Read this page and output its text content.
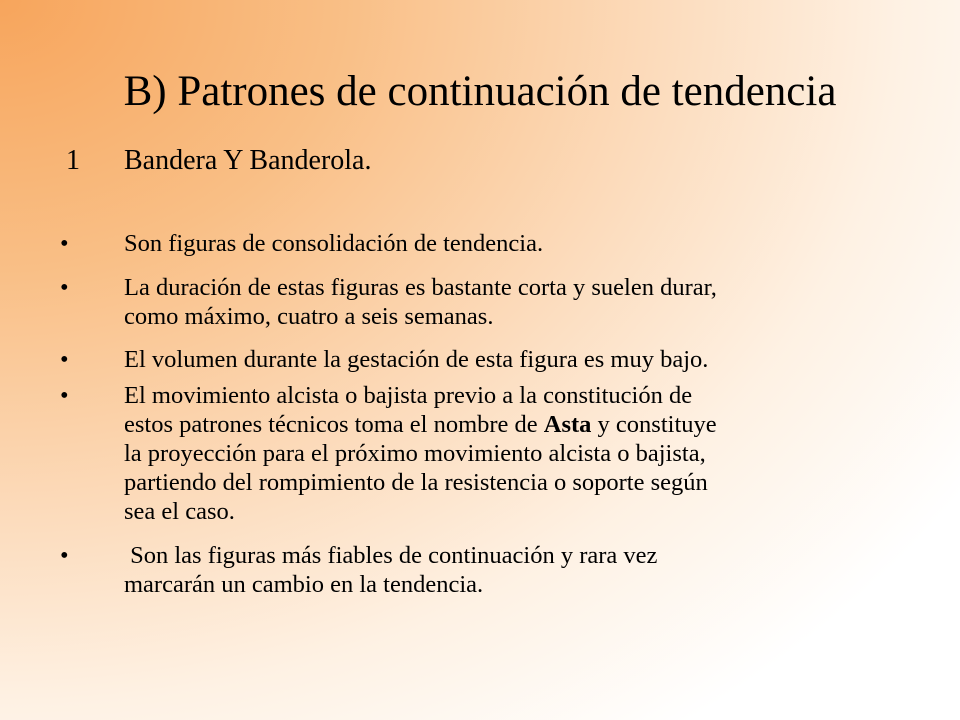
B) Patrones de continuación de tendencia
1 Bandera Y Banderola.
• Son figuras de consolidación de tendencia.
• La duración de estas figuras es bastante corta y suelen durar,
como máximo, cuatro a seis semanas.
• El volumen durante la gestación de esta figura es muy bajo.
• El movimiento alcista o bajista previo a la constitución de
estos patrones técnicos toma el nombre de Asta y constituye
la proyección para el próximo movimiento alcista o bajista,
partiendo del rompimiento de la resistencia o soporte según
sea el caso.
• Son las figuras más fiables de continuación y rara vez
marcarán un cambio en la tendencia.
